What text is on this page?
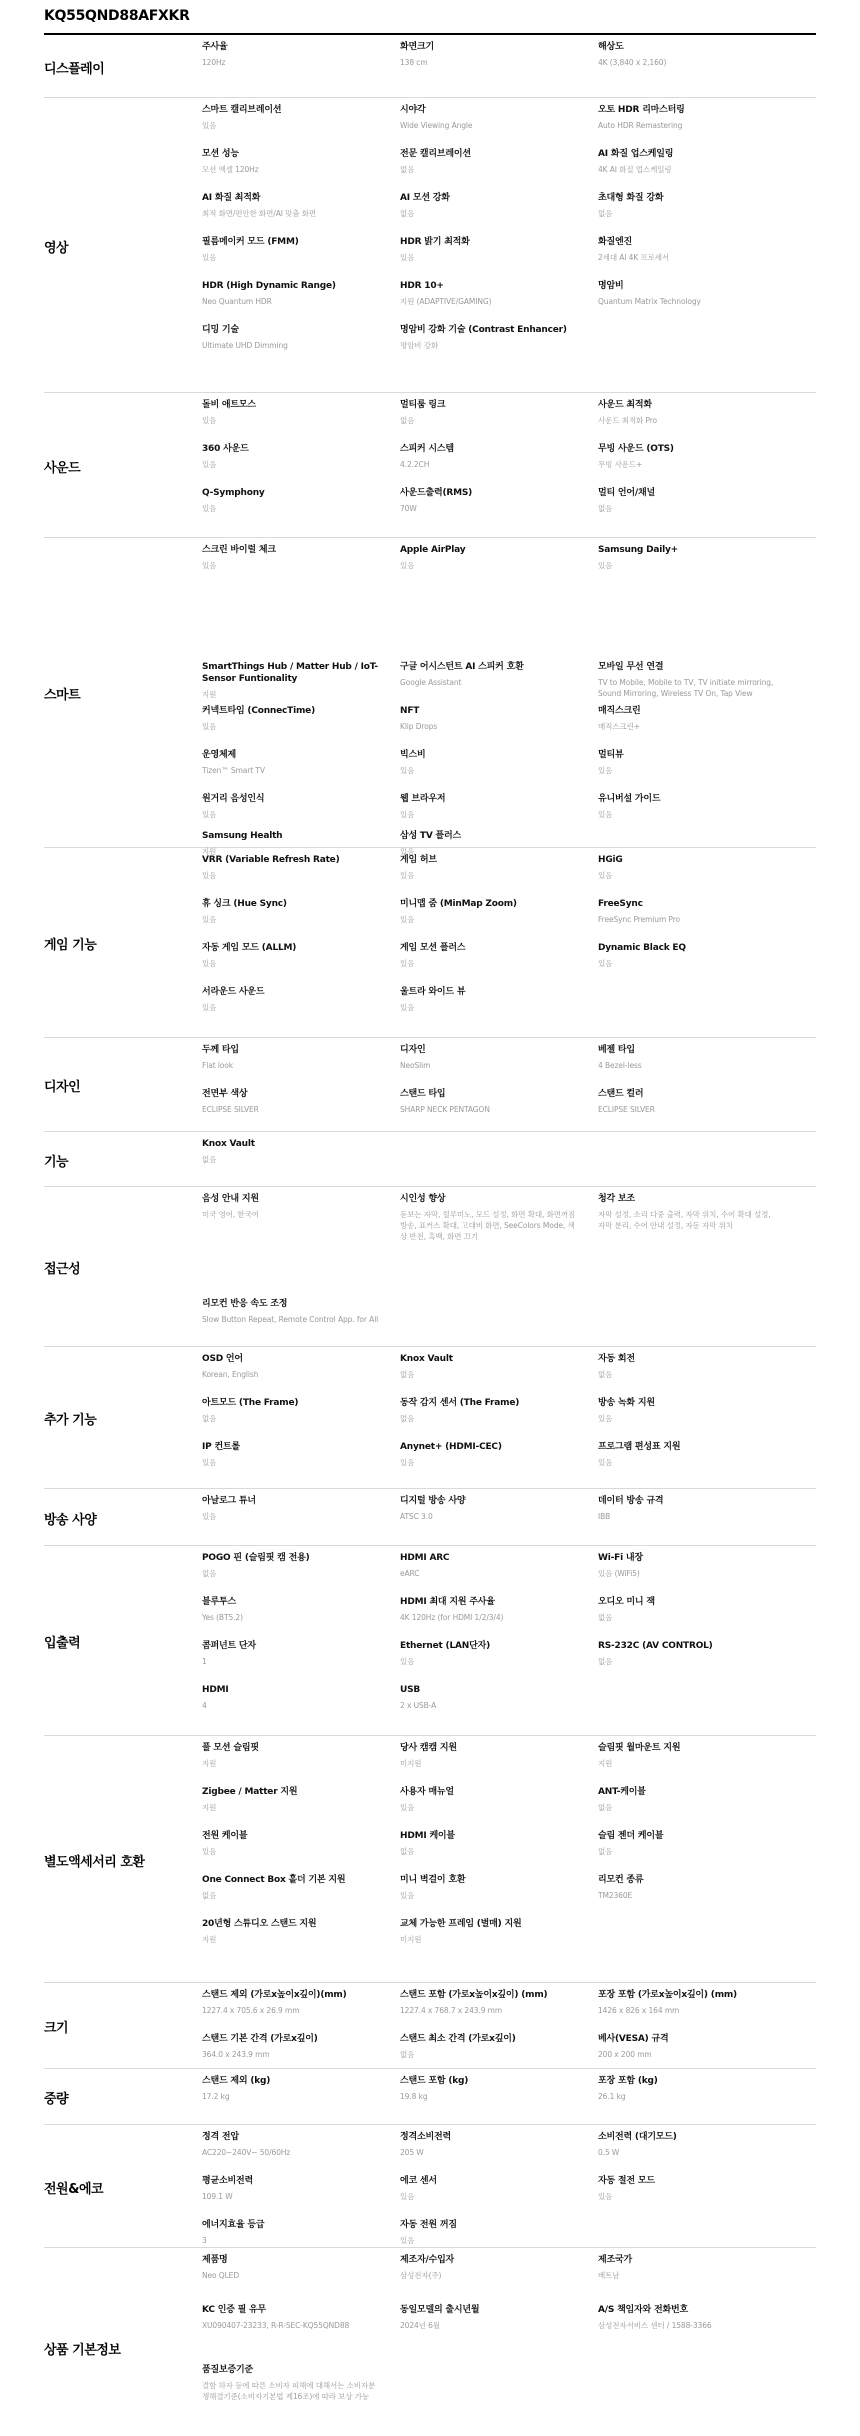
KQ55QND88AFXKR
디스플레이
주사율
120Hz
화면크기
138 cm
해상도
4K (3,840 x 2,160)
영상
스마트 캘리브레이션
있음
시야각
Wide Viewing Angle
오토 HDR 리마스터링
Auto HDR Remastering
모션 성능
모션 엑셀 120Hz
전문 캘리브레이션
없음
AI 화질 업스케일링
4K AI 화질 업스케일링
AI 화질 최적화
최적 화면/편안한 화면/AI 맞춤 화면
AI 모션 강화
없음
초대형 화질 강화
없음
필름메이커 모드 (FMM)
있음
HDR 밝기 최적화
있음
화질엔진
2세대 AI 4K 프로세서
HDR (High Dynamic Range)
Neo Quantum HDR
HDR 10+
지원 (ADAPTIVE/GAMING)
명암비
Quantum Matrix Technology
디밍 기술
Ultimate UHD Dimming
명암비 강화 기술 (Contrast Enhancer)
명암비 강화
사운드
돌비 애트모스
있음
멀티룸 링크
없음
사운드 최적화
사운드 최적화 Pro
360 사운드
있음
스피커 시스템
4.2.2CH
무빙 사운드 (OTS)
무빙 사운드+
Q-Symphony
있음
사운드출력(RMS)
70W
멀티 언어/채널
없음
스마트
스크린 바이럴 체크
있음
Apple AirPlay
있음
Samsung Daily+
있음
SmartThings Hub / Matter Hub / IoT-Sensor Funtionality
지원
구글 어시스턴트 AI 스피커 호환
Google Assistant
모바일 무선 연결
TV to Mobile, Mobile to TV, TV initiate mirroring, Sound Mirroring, Wireless TV On, Tap View
커넥트타임 (ConnecTime)
있음
NFT
Klip Drops
매직스크린
매직스크린+
운영체제
Tizen™ Smart TV
빅스비
있음
멀티뷰
있음
원거리 음성인식
있음
웹 브라우저
있음
유니버설 가이드
있음
Samsung Health
지원
삼성 TV 플러스
있음
게임 기능
VRR (Variable Refresh Rate)
있음
게임 허브
있음
HGiG
있음
휴 싱크 (Hue Sync)
있음
미니맵 줌 (MinMap Zoom)
있음
FreeSync
FreeSync Premium Pro
자동 게임 모드 (ALLM)
있음
게임 모션 플러스
있음
Dynamic Black EQ
있음
서라운드 사운드
있음
울트라 와이드 뷰
있음
디자인
두께 타입
Flat look
디자인
NeoSlim
베젤 타입
4 Bezel-less
전면부 색상
ECLIPSE SILVER
스탠드 타입
SHARP NECK PENTAGON
스탠드 컬러
ECLIPSE SILVER
기능
Knox Vault
없음
접근성
음성 안내 지원
미국 영어, 한국어
시인성 향상
돋보는 자막, 릴루미노, 모드 설정, 화면 확대, 화면꺼짐 방송, 표커스 확대, 고대비 화면, SeeColors Mode, 색상 반전, 흑백, 화면 끄기
청각 보조
자막 설정, 소리 다중 출력, 자막 위치, 수어 확대 설정, 자막 분리, 수어 안내 설정, 자동 자막 위치
리모컨 반응 속도 조정
Slow Button Repeat, Remote Control App. for All
추가 기능
OSD 언어
Korean, English
Knox Vault
없음
자동 회전
없음
아트모드 (The Frame)
없음
동작 감지 센서 (The Frame)
없음
방송 녹화 지원
있음
IP 컨트롤
있음
Anynet+ (HDMI-CEC)
있음
프로그램 편성표 지원
있음
방송 사양
아날로그 튜너
있음
디지털 방송 사양
ATSC 3.0
데이터 방송 규격
IBB
입출력
POGO 핀 (슬림핏 캠 전용)
없음
HDMI ARC
eARC
Wi-Fi 내장
있음 (WiFi5)
블루투스
Yes (BT5.2)
HDMI 최대 지원 주사율
4K 120Hz (for HDMI 1/2/3/4)
오디오 미니 잭
없음
콤퍼넌트 단자
1
Ethernet (LAN단자)
있음
RS-232C (AV CONTROL)
없음
HDMI
4
USB
2 x USB-A
별도액세서리 호환
풀 모션 슬림핏
지원
당사 캠캠 지원
미지원
슬림핏 월마운트 지원
지원
Zigbee / Matter 지원
지원
사용자 매뉴얼
있음
ANT-케이블
없음
전원 케이블
있음
HDMI 케이블
없음
슬림 젠더 케이블
없음
One Connect Box 홀더 기본 지원
없음
미니 벽걸이 호환
있음
리모컨 종류
TM2360E
20년형 스튜디오 스탠드 지원
지원
교체 가능한 프레임 (별매) 지원
미지원
크기
스탠드 제외 (가로x높이x깊이)(mm)
1227.4 x 705.6 x 26.9 mm
스탠드 포함 (가로x높이x깊이) (mm)
1227.4 x 768.7 x 243.9 mm
포장 포함 (가로x높이x깊이) (mm)
1426 x 826 x 164 mm
스탠드 기본 간격 (가로x깊이)
364.0 x 243.9 mm
스탠드 최소 간격 (가로x깊이)
없음
베사(VESA) 규격
200 x 200 mm
중량
스탠드 제외 (kg)
17.2 kg
스탠드 포함 (kg)
19.8 kg
포장 포함 (kg)
26.1 kg
전원&에코
정격 전압
AC220~240V~ 50/60Hz
정격소비전력
205 W
소비전력 (대기모드)
0.5 W
평균소비전력
109.1 W
에코 센서
있음
자동 절전 모드
있음
에너지효율 등급
3
자동 전원 꺼짐
있음
상품 기본정보
제품명
Neo QLED
제조자/수입자
삼성전자(주)
제조국가
베트남
KC 인증 필 유무
XU090407-23233, R-R-SEC-KQ55QND88
동일모델의 출시년월
2024년 6월
A/S 책임자와 전화번호
삼성전자서비스 센터 / 1588-3366
품질보증기준
결함 하자 등에 따른 소비자 피해에 대해서는 소비자분쟁해결기준(소비자기본법 제16조)에 따라 보상 가능
